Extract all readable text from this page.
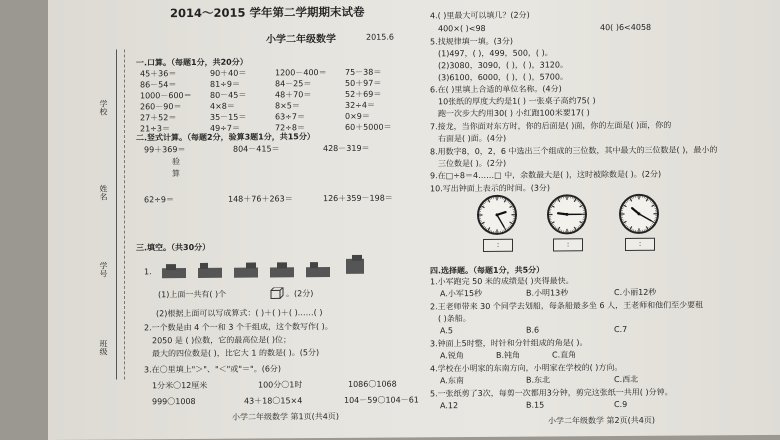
2014～2015 学年第二学期期末试卷
小学二年级数学	2015.6
学校
姓名
学号
班级
一.口算。（每题1分，共20分）
45＋36＝	90＋40＝	1200－400＝ 75－38＝
86－54＝	81÷9＝	84－25＝	50＋97＝
1000－600＝ 80－45＝	48＋70＝	52＋69＝
260－90＝	4×8＝	8×5＝	32÷4＝
27＋52＝	35－15＝	63÷7＝	0×9＝
21÷3＝	49÷7＝	72÷8＝	60＋5000＝
二.竖式计算。（每题2分，验算3题1分，共15分）
99＋369＝	804－415＝	428－319＝
验
算
62÷9＝	148＋76＋263＝	126＋359－198＝
三.填空。（共30分）
1.
(1)上面一共有( )个	。(2分)
(2)根据上面可以写成算式：( )＋( )＋( )……( )
2.一个数是由 4 个一和 3 个千组成，这个数写作( )。
2050 是 ( )位数，它的最高位是( )位；
最大的四位数是( )，比它大 1 的数是( )。(5分)
3.在〇里填上"＞"、"＜"或"＝"。(6分)
1分米〇12厘米	100分〇1时	1086〇1068
999〇1008	43＋18〇15×4	104－59〇104－61
小学二年级数学 第1页(共4页)
4.( )里最大可以填几？(2分)
400×( )<98	40( )6<4058
5.找规律填一填。(3分)
(1)497，( )，499，500，( )。
(2)3080，3090，( )，( )，3120。
(3)6100，6000，( )，( )，5700。
6.在( )里填上合适的单位名称。(4分)
10张纸的厚度大约是1( ) 一张桌子高约75( )
跑一次步大约用30( ) 小红跑100米要17( )
7.接龙，当你面对东方时，你的后面是( )面，你的左面是( )面，你的
右面是( )面。(4分)
8.用数字8，0，2，6 中选出三个组成的三位数，其中最大的三位数是( )，最小的
三位数是( )。(2分)
9.在□÷8＝4……□ 中，余数最大是( )，这时被除数是( )。(2分)
10.写出钟面上表示的时间。(3分)
:	:	:
四.选择题。（每题1分，共5分）
1.小军跑完 50 米的成绩是( )夹得最快。
A.小军15秒	B.小明13秒	C.小丽12秒
2.王老师带来 30 个同学去划船，每条船最多坐 6 人，王老师和他们至少要租
( )条船。
A.5	B.6	C.7
3.钟面上5时整，时针和分针组成的角是( )。
A.锐角	B.钝角	C.直角
4.学校在小明家的东南方向，小明家在学校的( )方向。
A.东南	B.东北	C.西北
5.一张纸剪了3次，每剪一次都用3分钟，剪完这张纸一共用( )分钟。
A.12	B.15	C.9
小学二年级数学 第2页(共4页)
